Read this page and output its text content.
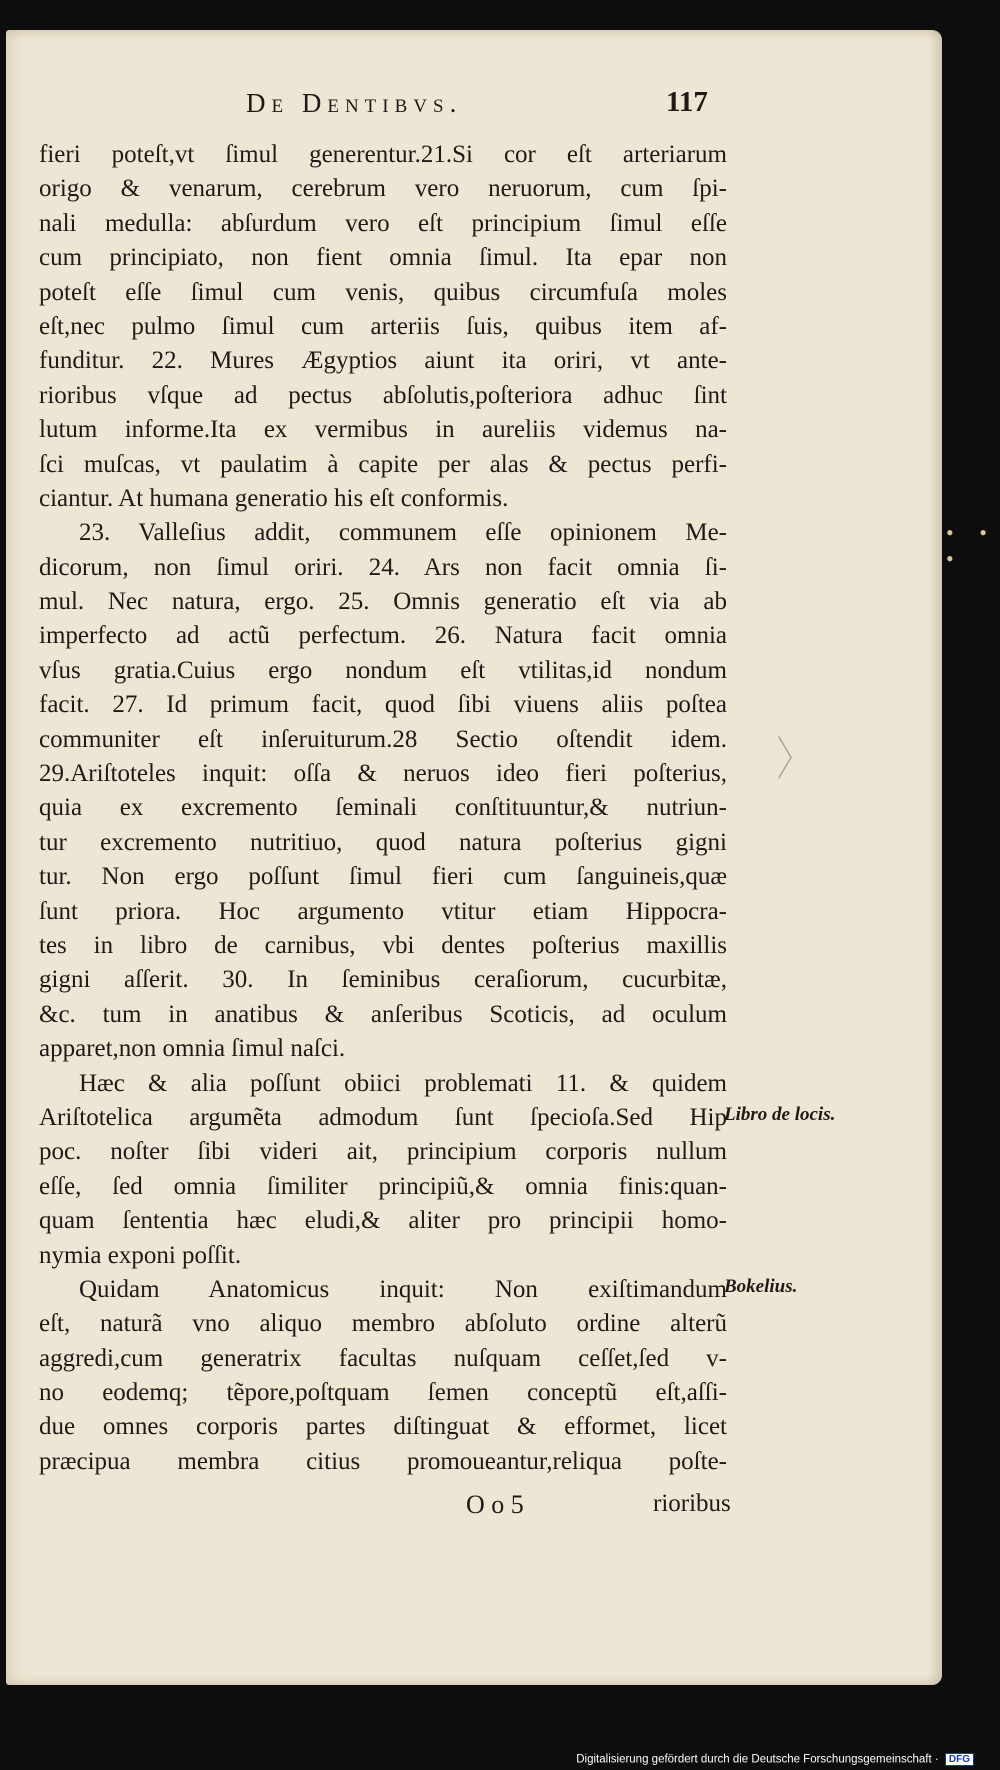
De Dentibvs.	117
fieri poteſt,vt ſimul generentur.21.Si cor eſt arteriarum
origo & venarum, cerebrum vero neruorum, cum ſpi-
nali medulla: abſurdum vero eſt principium ſimul eſſe
cum principiato, non fient omnia ſimul. Ita epar non
poteſt eſſe ſimul cum venis, quibus circumfuſa moles
eſt,nec pulmo ſimul cum arteriis ſuis, quibus item af-
funditur. 22. Mures Ægyptios aiunt ita oriri, vt ante-
rioribus vſque ad pectus abſolutis,poſteriora adhuc ſint
lutum informe.Ita ex vermibus in aureliis videmus na-
ſci muſcas, vt paulatim à capite per alas & pectus perfi-
ciantur. At humana generatio his eſt conformis.
23. Valleſius addit, communem eſſe opinionem Me-
dicorum, non ſimul oriri. 24. Ars non facit omnia ſi-
mul. Nec natura, ergo. 25. Omnis generatio eſt via ab
imperfecto ad actũ perfectum. 26. Natura facit omnia
vſus gratia.Cuius ergo nondum eſt vtilitas,id nondum
facit. 27. Id primum facit, quod ſibi viuens aliis poſtea
communiter eſt inſeruiturum.28 Sectio oſtendit idem.
29.Ariſtoteles inquit: oſſa & neruos ideo fieri poſterius,
quia ex excremento ſeminali conſtituuntur,& nutriun-
tur excremento nutritiuo, quod natura poſterius gigni
tur. Non ergo poſſunt ſimul fieri cum ſanguineis,quæ
ſunt priora. Hoc argumento vtitur etiam Hippocra-
tes in libro de carnibus, vbi dentes poſterius maxillis
gigni aſſerit. 30. In ſeminibus ceraſiorum, cucurbitæ,
&c. tum in anatibus & anſeribus Scoticis, ad oculum
apparet,non omnia ſimul naſci.
Hæc & alia poſſunt obiici problemati 11. & quidem
Ariſtotelica argumẽta admodum ſunt ſpecioſa.Sed Hip
poc. noſter ſibi videri ait, principium corporis nullum
eſſe, ſed omnia ſimiliter principiũ,& omnia finis:quan-
quam ſententia hæc eludi,& aliter pro principii homo-
nymia exponi poſſit.
Quidam Anatomicus inquit: Non exiſtimandum
eſt, naturã vno aliquo membro abſoluto ordine alterũ
aggredi,cum generatrix facultas nuſquam ceſſet,ſed v-
no eodemq; tẽpore,poſtquam ſemen conceptũ eſt,aſſi-
due omnes corporis partes diſtinguat & efformet, licet
præcipua membra citius promoueantur,reliqua poſte-
Libro de locis.
Bokelius.
〉
O o 5	rioribus
• • •
Digitalisierung gefördert durch die Deutsche Forschungsgemeinschaft · DFG
